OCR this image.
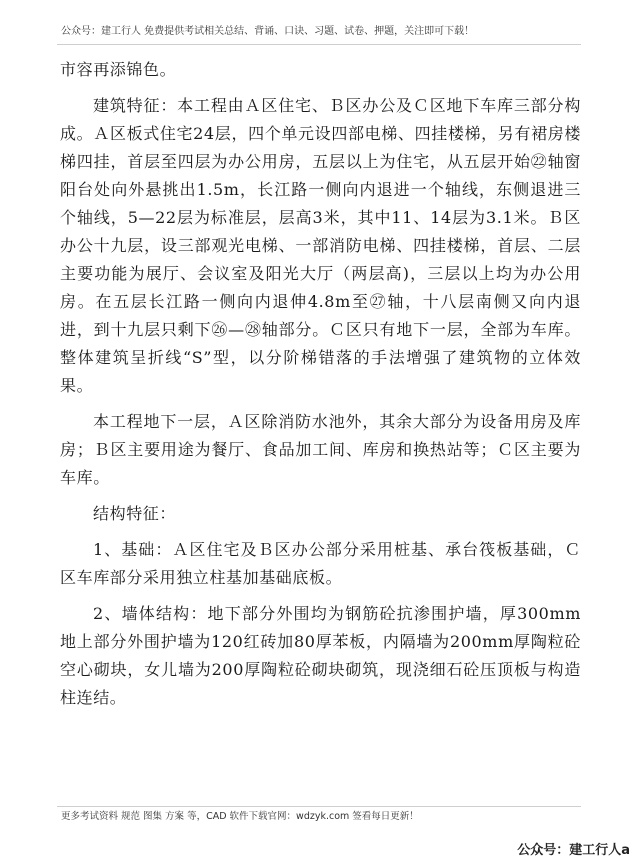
公众号：建工行人 免费提供考试相关总结、背诵、口诀、习题、试卷、押题，关注即可下载！

市容再添锦色。

建筑特征：本工程由Ａ区住宅、Ｂ区办公及Ｃ区地下车库三部分构成。Ａ区板式住宅24层，四个单元设四部电梯、四挂楼梯，另有裙房楼梯四挂，首层至四层为办公用房，五层以上为住宅，从五层开始㉒轴窗阳台处向外悬挑出1.5m，长江路一侧向内退进一个轴线，东侧退进三个轴线，5—22层为标准层，层高3米，其中11、14层为3.1米。Ｂ区办公十九层，设三部观光电梯、一部消防电梯、四挂楼梯，首层、二层主要功能为展厅、会议室及阳光大厅（两层高)，三层以上均为办公用房。在五层长江路一侧向内退伸4.8m至㉗轴，十八层南侧又向内退进，到十九层只剩下㉖—㉘轴部分。Ｃ区只有地下一层，全部为车库。整体建筑呈折线“S”型，以分阶梯错落的手法增强了建筑物的立体效果。

本工程地下一层，Ａ区除消防水池外，其余大部分为设备用房及库房；Ｂ区主要用途为餐厅、食品加工间、库房和换热站等；Ｃ区主要为车库。

结构特征：

1、基础：Ａ区住宅及Ｂ区办公部分采用桩基、承台筏板基础，Ｃ区车库部分采用独立柱基加基础底板。

2、墙体结构：地下部分外围均为钢筋砼抗渗围护墙，厚300mm地上部分外围护墙为120红砖加80厚苯板，内隔墙为200mm厚陶粒砼空心砌块，女儿墙为200厚陶粒砼砌块砌筑，现浇细石砼压顶板与构造柱连结。

更多考试资料 规范 图集 方案 等，CAD 软件下载官网：wdzyk.com 签看每日更新！
公众号：建工行人a
